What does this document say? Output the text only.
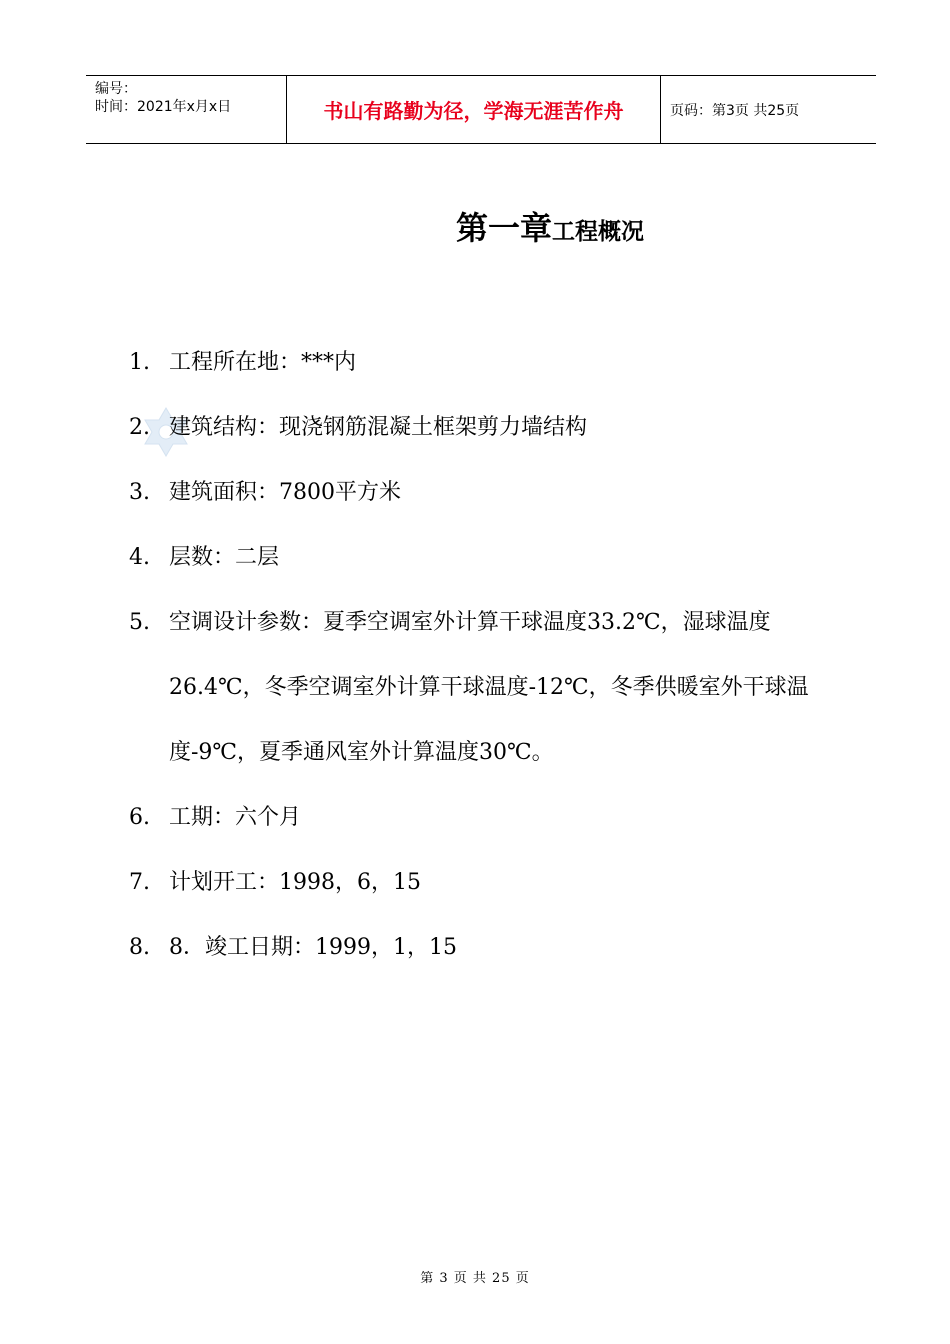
编号：
时间：2021年x月x日	书山有路勤为径，学海无涯苦作舟	页码：第3页 共25页
第一章工程概况
1. 工程所在地：***内
2. 建筑结构：现浇钢筋混凝土框架剪力墙结构
3. 建筑面积：7800平方米
4. 层数：二层
5. 空调设计参数：夏季空调室外计算干球温度33.2℃，湿球温度26.4℃，冬季空调室外计算干球温度-12℃，冬季供暖室外干球温度-9℃，夏季通风室外计算温度30℃。
6. 工期：六个月
7. 计划开工：1998，6，15
8. 8．竣工日期：1999，1，15
第 3 页 共 25 页
